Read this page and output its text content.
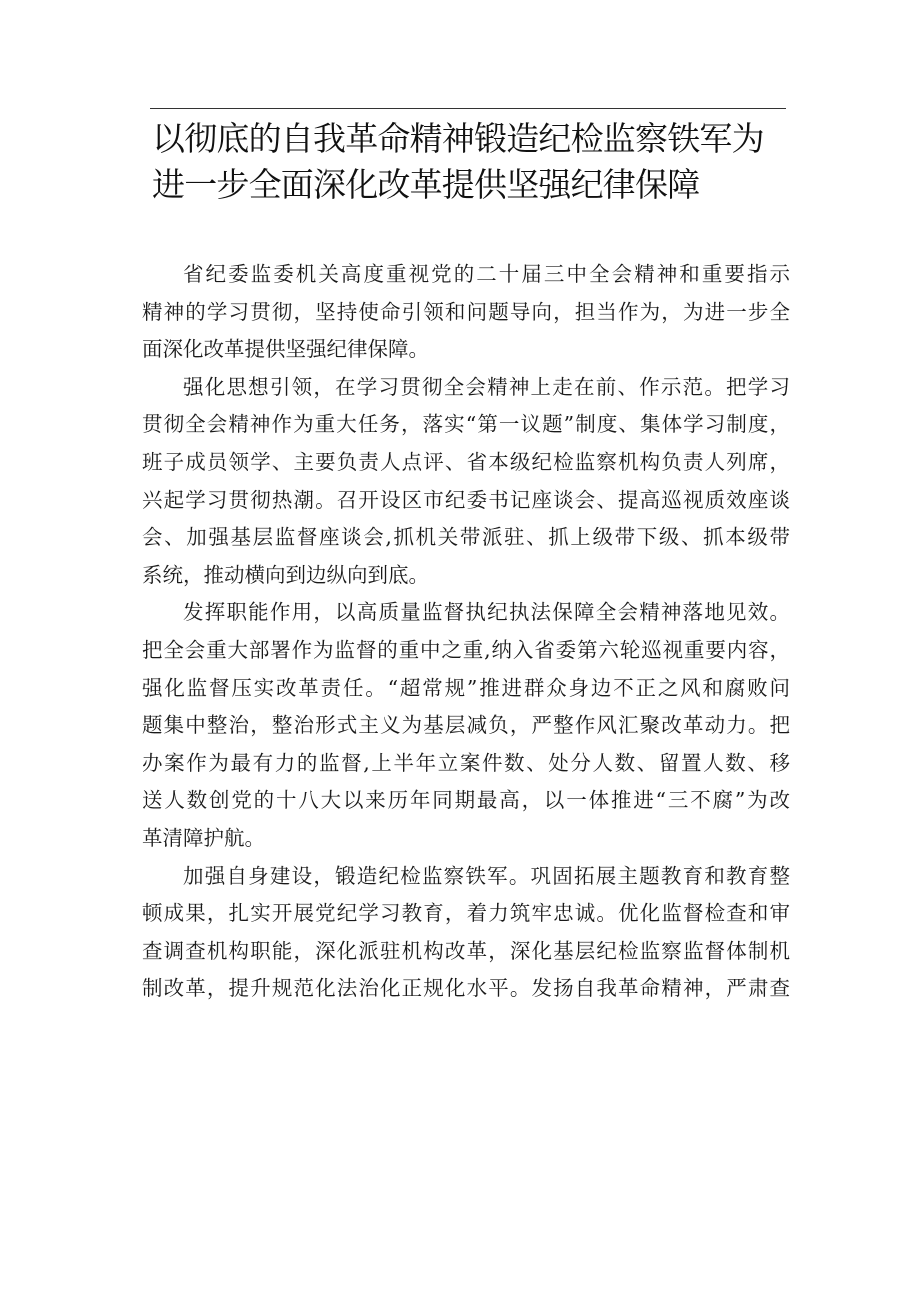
以彻底的自我革命精神锻造纪检监察铁军为
进一步全面深化改革提供坚强纪律保障

省纪委监委机关高度重视党的二十届三中全会精神和重要指示
精神的学习贯彻，坚持使命引领和问题导向，担当作为，为进一步全
面深化改革提供坚强纪律保障。

强化思想引领，在学习贯彻全会精神上走在前、作示范。把学习
贯彻全会精神作为重大任务，落实“第一议题”制度、集体学习制度，
班子成员领学、主要负责人点评、省本级纪检监察机构负责人列席，
兴起学习贯彻热潮。召开设区市纪委书记座谈会、提高巡视质效座谈
会、加强基层监督座谈会,抓机关带派驻、抓上级带下级、抓本级带
系统，推动横向到边纵向到底。

发挥职能作用，以高质量监督执纪执法保障全会精神落地见效。
把全会重大部署作为监督的重中之重,纳入省委第六轮巡视重要内容，
强化监督压实改革责任。“超常规”推进群众身边不正之风和腐败问
题集中整治，整治形式主义为基层减负，严整作风汇聚改革动力。把
办案作为最有力的监督,上半年立案件数、处分人数、留置人数、移
送人数创党的十八大以来历年同期最高，以一体推进“三不腐”为改
革清障护航。

加强自身建设，锻造纪检监察铁军。巩固拓展主题教育和教育整
顿成果，扎实开展党纪学习教育，着力筑牢忠诚。优化监督检查和审
查调查机构职能，深化派驻机构改革，深化基层纪检监察监督体制机
制改革，提升规范化法治化正规化水平。发扬自我革命精神，严肃查
